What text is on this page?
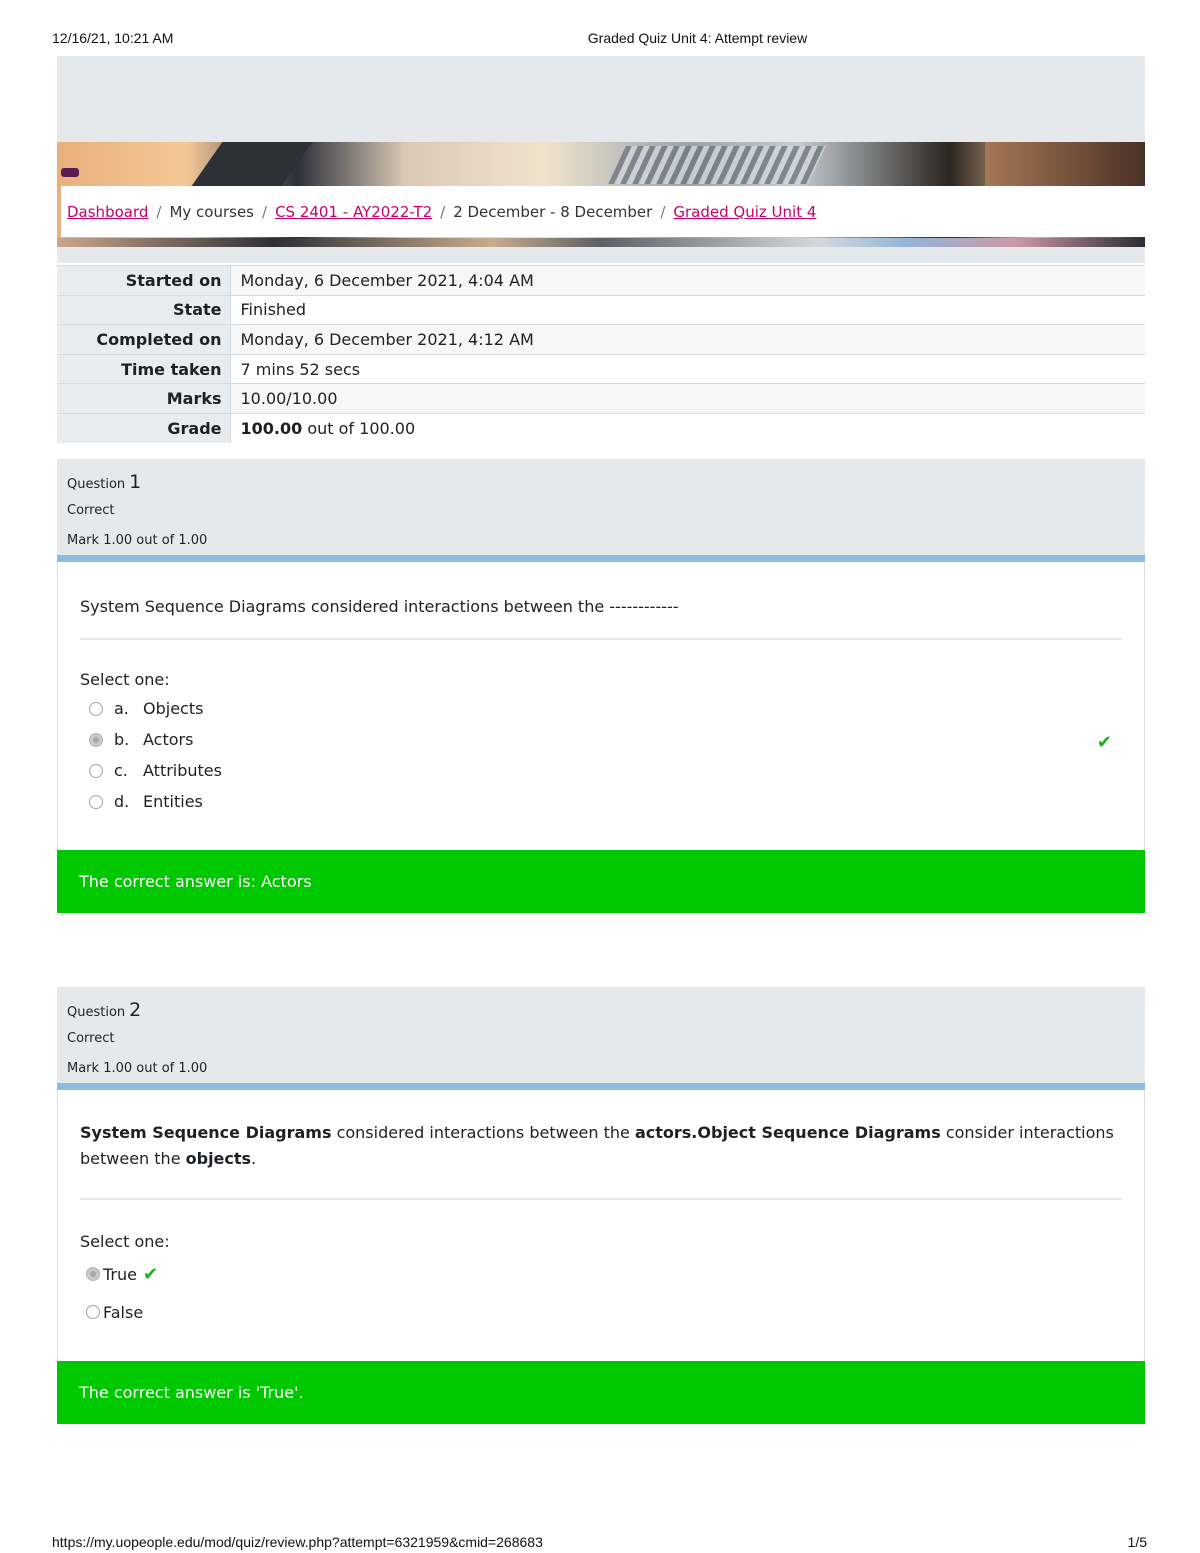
12/16/21, 10:21 AM	Graded Quiz Unit 4: Attempt review
Dashboard / My courses / CS 2401 - AY2022-T2 / 2 December - 8 December / Graded Quiz Unit 4
Started on	Monday, 6 December 2021, 4:04 AM
State	Finished
Completed on	Monday, 6 December 2021, 4:12 AM
Time taken	7 mins 52 secs
Marks	10.00/10.00
Grade	100.00 out of 100.00
Question 1
Correct
Mark 1.00 out of 1.00
System Sequence Diagrams considered interactions between the ------------
Select one:
a. Objects
b. Actors
c. Attributes
d. Entities
✔
The correct answer is: Actors
Question 2
Correct
Mark 1.00 out of 1.00
System Sequence Diagrams considered interactions between the actors.Object Sequence Diagrams consider interactions between the objects.
Select one:
True ✔
False
The correct answer is 'True'.
https://my.uopeople.edu/mod/quiz/review.php?attempt=6321959&cmid=268683	1/5
